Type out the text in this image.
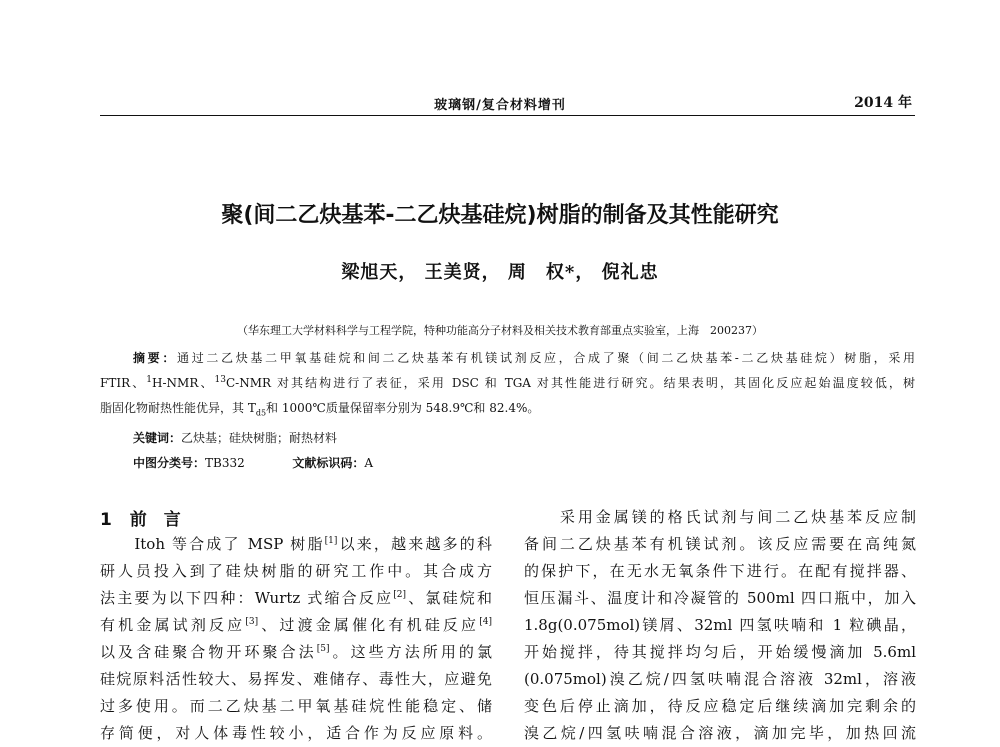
玻璃钢/复合材料增刊	2014 年
聚(间二乙炔基苯-二乙炔基硅烷)树脂的制备及其性能研究
梁旭天， 王美贤， 周　权*， 倪礼忠
（华东理工大学材料科学与工程学院，特种功能高分子材料及相关技术教育部重点实验室，上海　200237）
摘要：通过二乙炔基二甲氧基硅烷和间二乙炔基苯有机镁试剂反应，合成了聚（间二乙炔基苯-二乙炔基硅烷）树脂，采用
FTIR、$^1$H-NMR、$^{13}$C-NMR 对其结构进行了表征，采用 DSC 和 TGA 对其性能进行研究。结果表明，其固化反应起始温度较低，树
脂固化物耐热性能优异，其 $T_{d5}$和 1000℃质量保留率分别为 548.9℃和 82.4%。
关键词：乙炔基；硅炔树脂；耐热材料
中图分类号：TB332	文献标识码：A
1 前　言
　　Itoh 等合成了 MSP 树脂[1]以来，越来越多的科
研人员投入到了硅炔树脂的研究工作中。其合成方
法主要为以下四种：Wurtz 式缩合反应[2]、氯硅烷和
有机金属试剂反应[3]、过渡金属催化有机硅反应[4]
以及含硅聚合物开环聚合法[5]。这些方法所用的氯
硅烷原料活性较大、易挥发、难储存、毒性大，应避免
过多使用。而二乙炔基二甲氧基硅烷性能稳定、储
存简便，对人体毒性较小，适合作为反应原料。
　　采用金属镁的格氏试剂与间二乙炔基苯反应制
备间二乙炔基苯有机镁试剂。该反应需要在高纯氮
的保护下，在无水无氧条件下进行。在配有搅拌器、
恒压漏斗、温度计和冷凝管的 500ml 四口瓶中，加入
1.8g(0.075mol)镁屑、32ml 四氢呋喃和 1 粒碘晶，
开始搅拌，待其搅拌均匀后，开始缓慢滴加 5.6ml
(0.075mol)溴乙烷/四氢呋喃混合溶液 32ml，溶液
变色后停止滴加，待反应稳定后继续滴加完剩余的
溴乙烷/四氢呋喃混合溶液，滴加完毕，加热回流
